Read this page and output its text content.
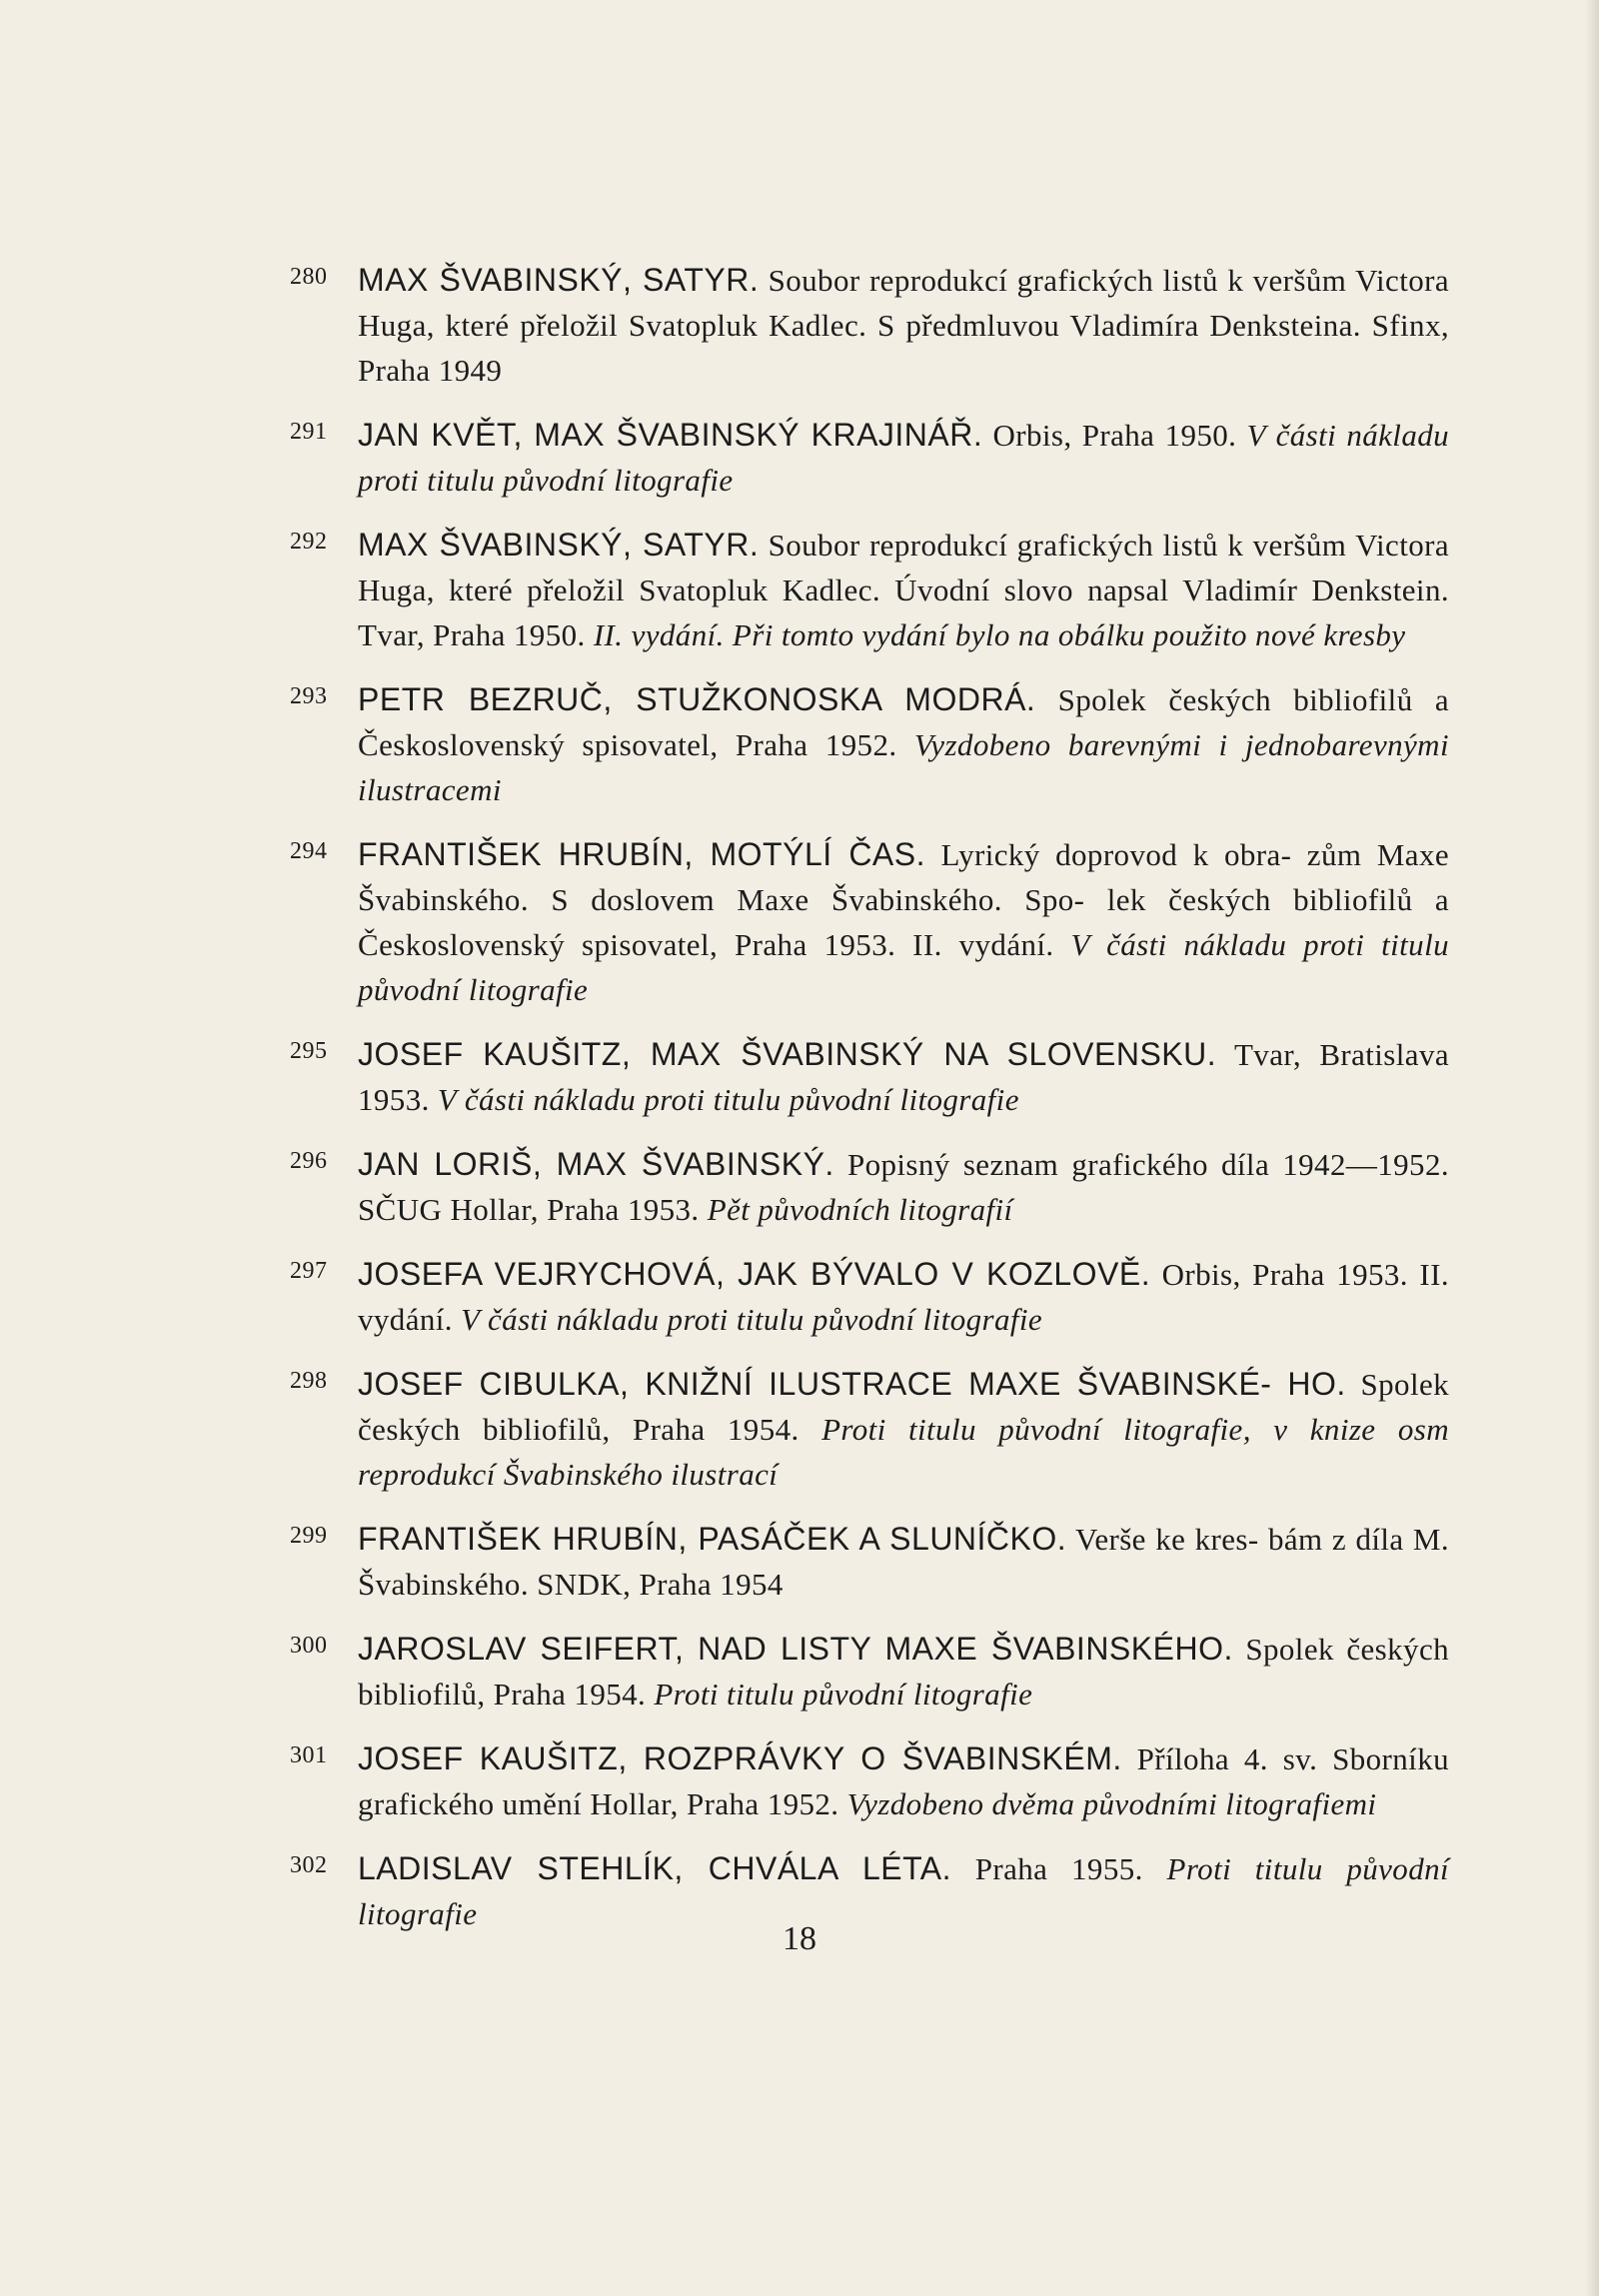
280 MAX ŠVABINSKÝ, SATYR. Soubor reprodukcí grafických listů k veršům Victora Huga, které přeložil Svatopluk Kadlec. S předmluvou Vladimíra Denksteina. Sfinx, Praha 1949
291 JAN KVĚT, MAX ŠVABINSKÝ KRAJINÁŘ. Orbis, Praha 1950. V části nákladu proti titulu původní litografie
292 MAX ŠVABINSKÝ, SATYR. Soubor reprodukcí grafických listů k veršům Victora Huga, které přeložil Svatopluk Kadlec. Úvodní slovo napsal Vladimír Denkstein. Tvar, Praha 1950. II. vydání. Při tomto vydání bylo na obálku použito nové kresby
293 PETR BEZRUČ, STUŽKONOSKA MODRÁ. Spolek českých bibliofilů a Československý spisovatel, Praha 1952. Vyzdobeno barevnými i jednobarevnými ilustracemi
294 FRANTIŠEK HRUBÍN, MOTÝLÍ ČAS. Lyrický doprovod k obra‑ zům Maxe Švabinského. S doslovem Maxe Švabinského. Spo‑ lek českých bibliofilů a Československý spisovatel, Praha 1953. II. vydání. V části nákladu proti titulu původní litografie
295 JOSEF KAUŠITZ, MAX ŠVABINSKÝ NA SLOVENSKU. Tvar, Bratislava 1953. V části nákladu proti titulu původní litografie
296 JAN LORIŠ, MAX ŠVABINSKÝ. Popisný seznam grafického díla 1942—1952. SČUG Hollar, Praha 1953. Pět původních litografií
297 JOSEFA VEJRYCHOVÁ, JAK BÝVALO V KOZLOVĚ. Orbis, Praha 1953. II. vydání. V části nákladu proti titulu původní litografie
298 JOSEF CIBULKA, KNIŽNÍ ILUSTRACE MAXE ŠVABINSKÉ‑ HO. Spolek českých bibliofilů, Praha 1954. Proti titulu původní litografie, v knize osm reprodukcí Švabinského ilustrací
299 FRANTIŠEK HRUBÍN, PASÁČEK A SLUNÍČKO. Verše ke kres‑ bám z díla M. Švabinského. SNDK, Praha 1954
300 JAROSLAV SEIFERT, NAD LISTY MAXE ŠVABINSKÉHO. Spolek českých bibliofilů, Praha 1954. Proti titulu původní litografie
301 JOSEF KAUŠITZ, ROZPRÁVKY O ŠVABINSKÉM. Příloha 4. sv. Sborníku grafického umění Hollar, Praha 1952. Vyzdobeno dvěma původními litografiemi
302 LADISLAV STEHLÍK, CHVÁLA LÉTA. Praha 1955. Proti titulu původní litografie
18
